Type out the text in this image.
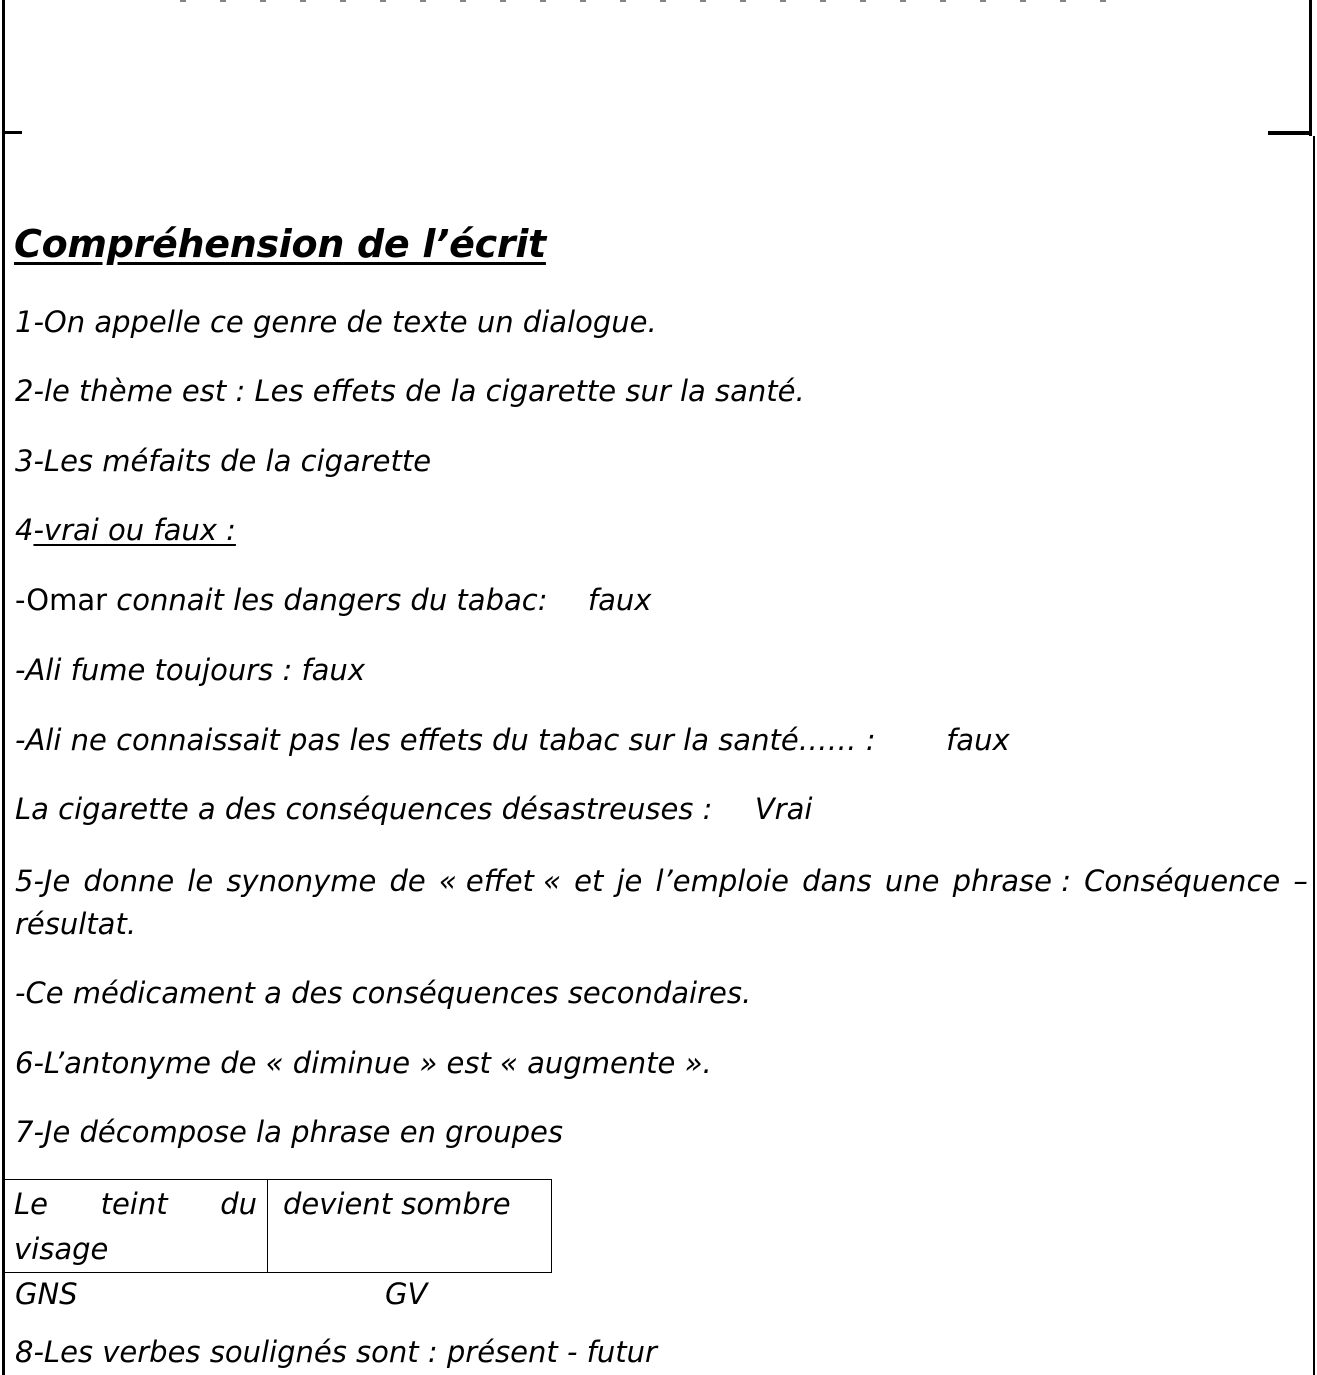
Compréhension de l’écrit
1-On appelle ce genre de texte un dialogue.
2-le thème est : Les effets de la cigarette sur la santé.
3-Les méfaits de la cigarette
4-vrai ou faux :
-Omar connait les dangers du tabac: faux
-Ali fume toujours : faux
-Ali ne connaissait pas les effets du tabac sur la santé…… : faux
La cigarette a des conséquences désastreuses : Vrai
5-Je donne le synonyme de « effet « et je l’emploie dans une phrase : Conséquence –
résultat.
-Ce médicament a des conséquences secondaires.
6-L’antonyme de « diminue » est « augmente ».
7-Je décompose la phrase en groupes
Le teint du
visage
	devient sombre
GNS	GV
8-Les verbes soulignés sont : présent - futur
